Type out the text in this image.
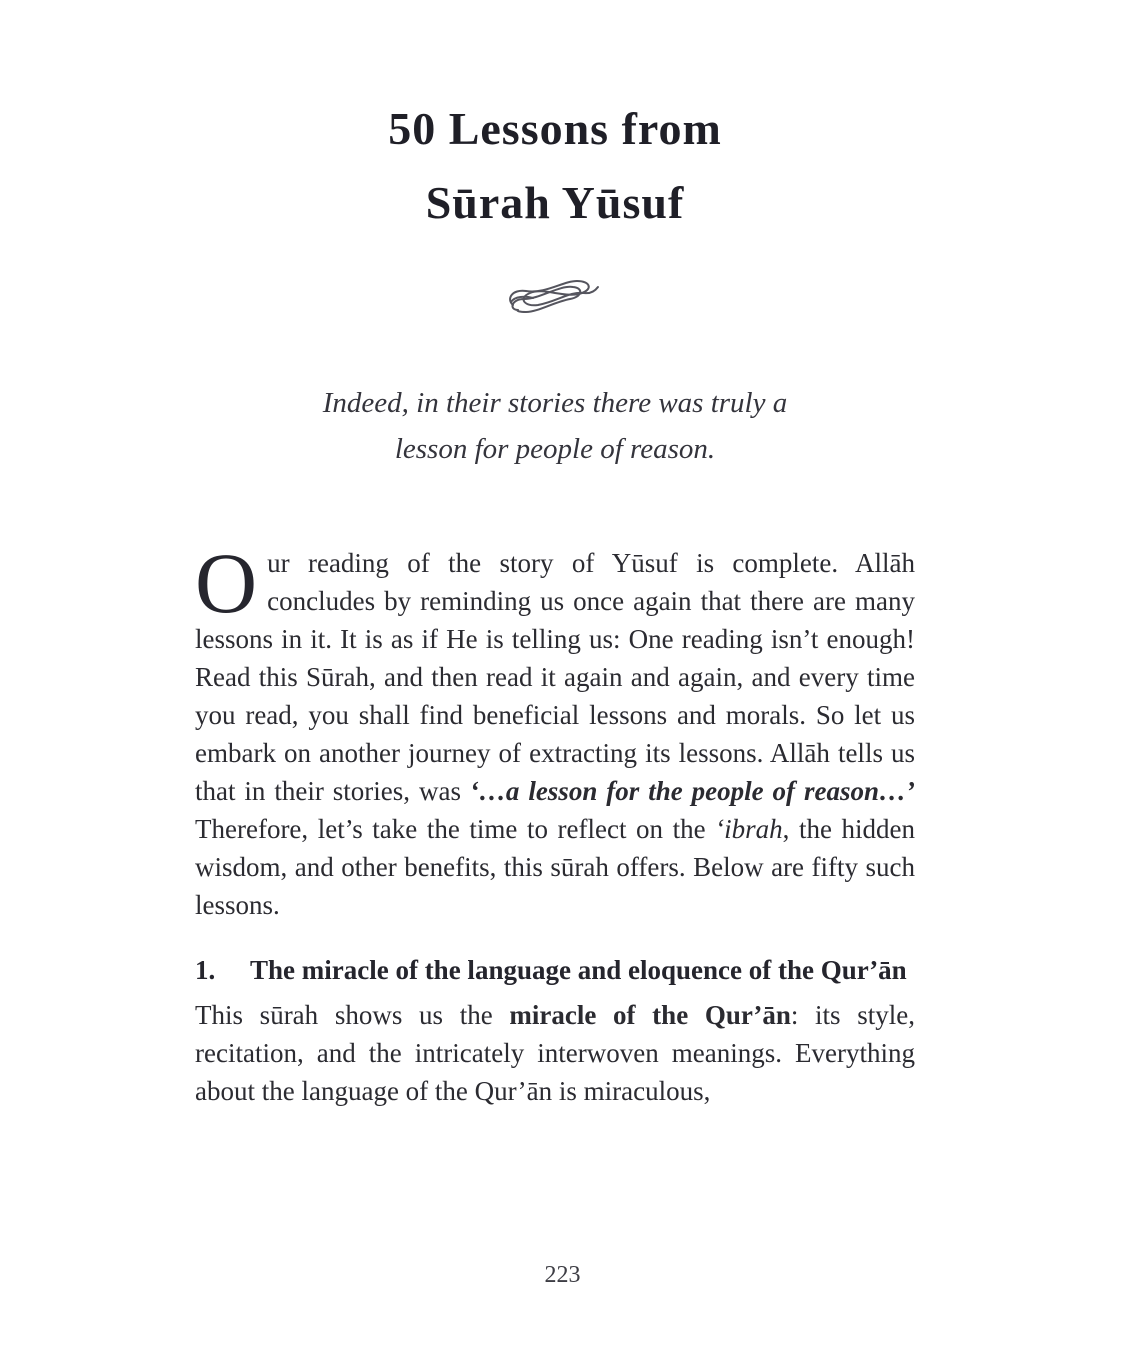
50 Lessons from
Sūrah Yūsuf
Indeed, in their stories there was truly a
lesson for people of reason.

Our reading of the story of Yūsuf is complete. Allāh concludes by reminding us once again that there are many lessons in it. It is as if He is telling us: One reading isn’t enough! Read this Sūrah, and then read it again and again, and every time you read, you shall find beneficial lessons and morals. So let us embark on another journey of extracting its lessons. Allāh tells us that in their stories, was ‘…a lesson for the people of reason…’ Therefore, let’s take the time to reflect on the ‘ibrah, the hidden wisdom, and other benefits, this sūrah offers. Below are fifty such lessons.

1.	The miracle of the language and eloquence of the Qur’ān

This sūrah shows us the miracle of the Qur’ān: its style, recitation, and the intricately interwoven meanings. Everything about the language of the Qur’ān is miraculous,

223
